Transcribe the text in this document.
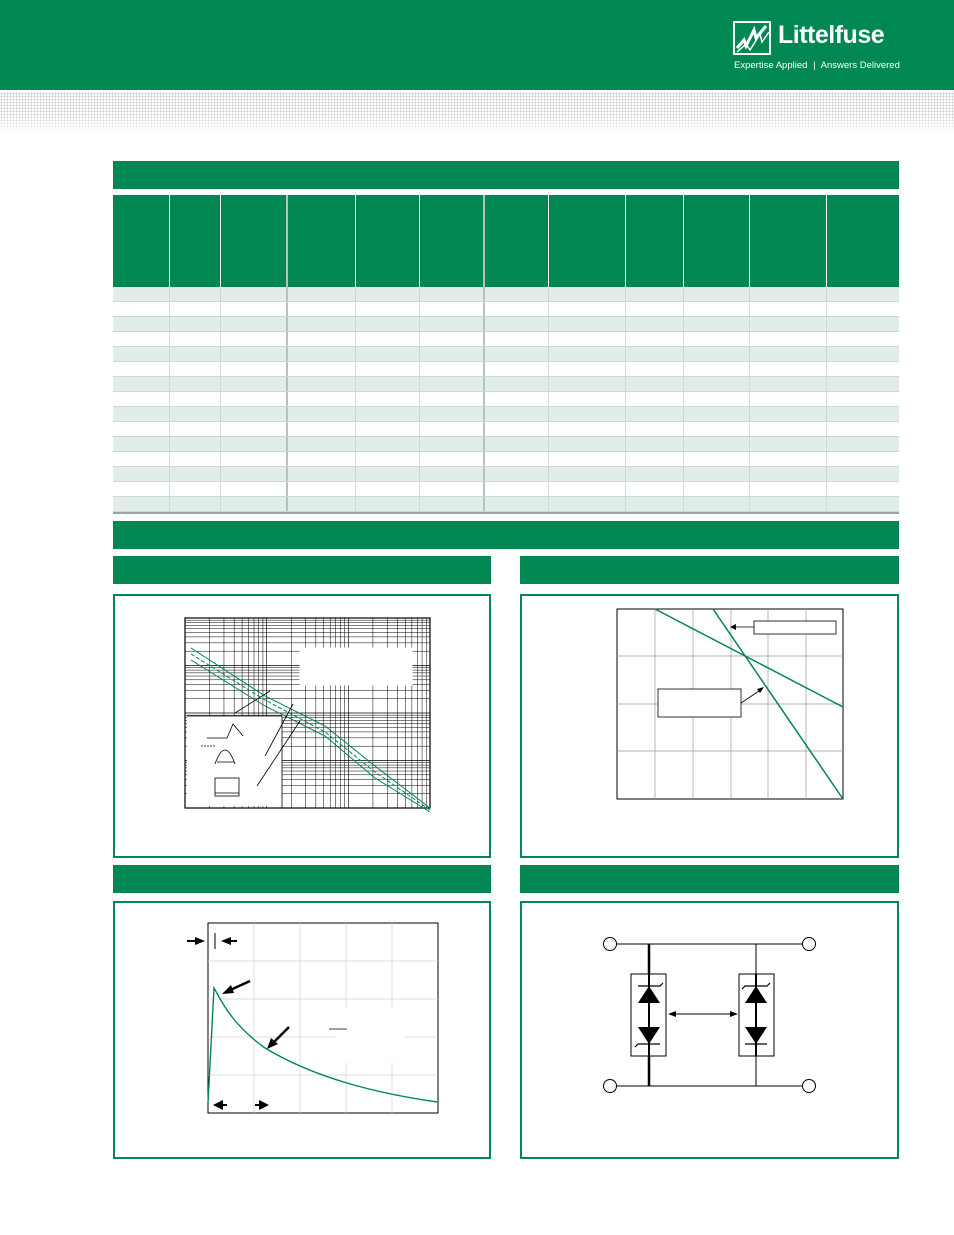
Littelfuse
Expertise Applied | Answers Delivered
